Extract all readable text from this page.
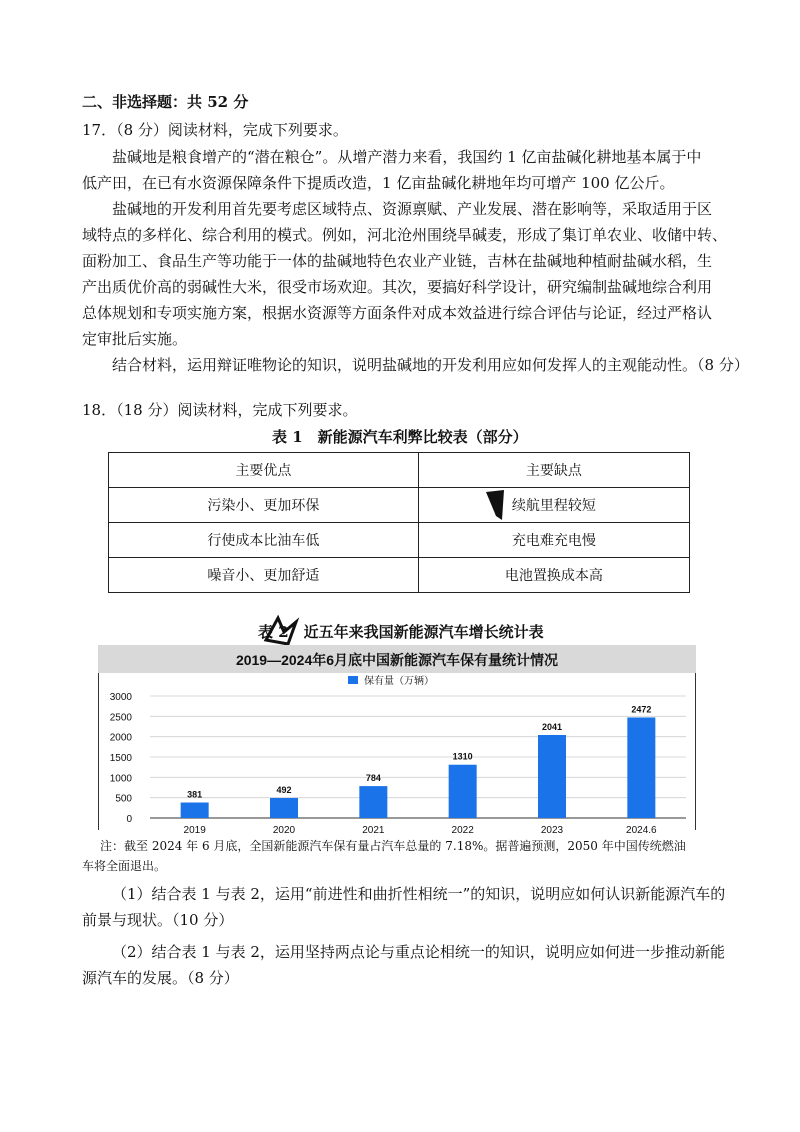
二、非选择题：共 52 分
17．（8 分）阅读材料，完成下列要求。
盐碱地是粮食增产的“潜在粮仓”。从增产潜力来看，我国约 1 亿亩盐碱化耕地基本属于中
低产田，在已有水资源保障条件下提质改造，1 亿亩盐碱化耕地年均可增产 100 亿公斤。
盐碱地的开发利用首先要考虑区域特点、资源禀赋、产业发展、潜在影响等，采取适用于区
域特点的多样化、综合利用的模式。例如，河北沧州围绕旱碱麦，形成了集订单农业、收储中转、
面粉加工、食品生产等功能于一体的盐碱地特色农业产业链，吉林在盐碱地种植耐盐碱水稻，生
产出质优价高的弱碱性大米，很受市场欢迎。其次，要搞好科学设计，研究编制盐碱地综合利用
总体规划和专项实施方案，根据水资源等方面条件对成本效益进行综合评估与论证，经过严格认
定审批后实施。
结合材料，运用辩证唯物论的知识，说明盐碱地的开发利用应如何发挥人的主观能动性。（8 分）
18．（18 分）阅读材料，完成下列要求。
表 1　新能源汽车利弊比较表（部分）
主要优点	主要缺点
污染小、更加环保	续航里程较短
行使成本比油车低	充电难充电慢
噪音小、更加舒适	电池置换成本高
表 2　近五年来我国新能源汽车增长统计表
2019—2024年6月底中国新能源汽车保有量统计情况
保有量（万辆）
0
500
1000
1500
2000
2500
3000
381
2019
492
2020
784
2021
1310
2022
2041
2023
2472
2024.6
注：截至 2024 年 6 月底，全国新能源汽车保有量占汽车总量的 7.18%。据普遍预测，2050 年中国传统燃油
车将全面退出。
（1）结合表 1 与表 2，运用“前进性和曲折性相统一”的知识，说明应如何认识新能源汽车的
前景与现状。（10 分）
（2）结合表 1 与表 2，运用坚持两点论与重点论相统一的知识，说明应如何进一步推动新能
源汽车的发展。（8 分）
